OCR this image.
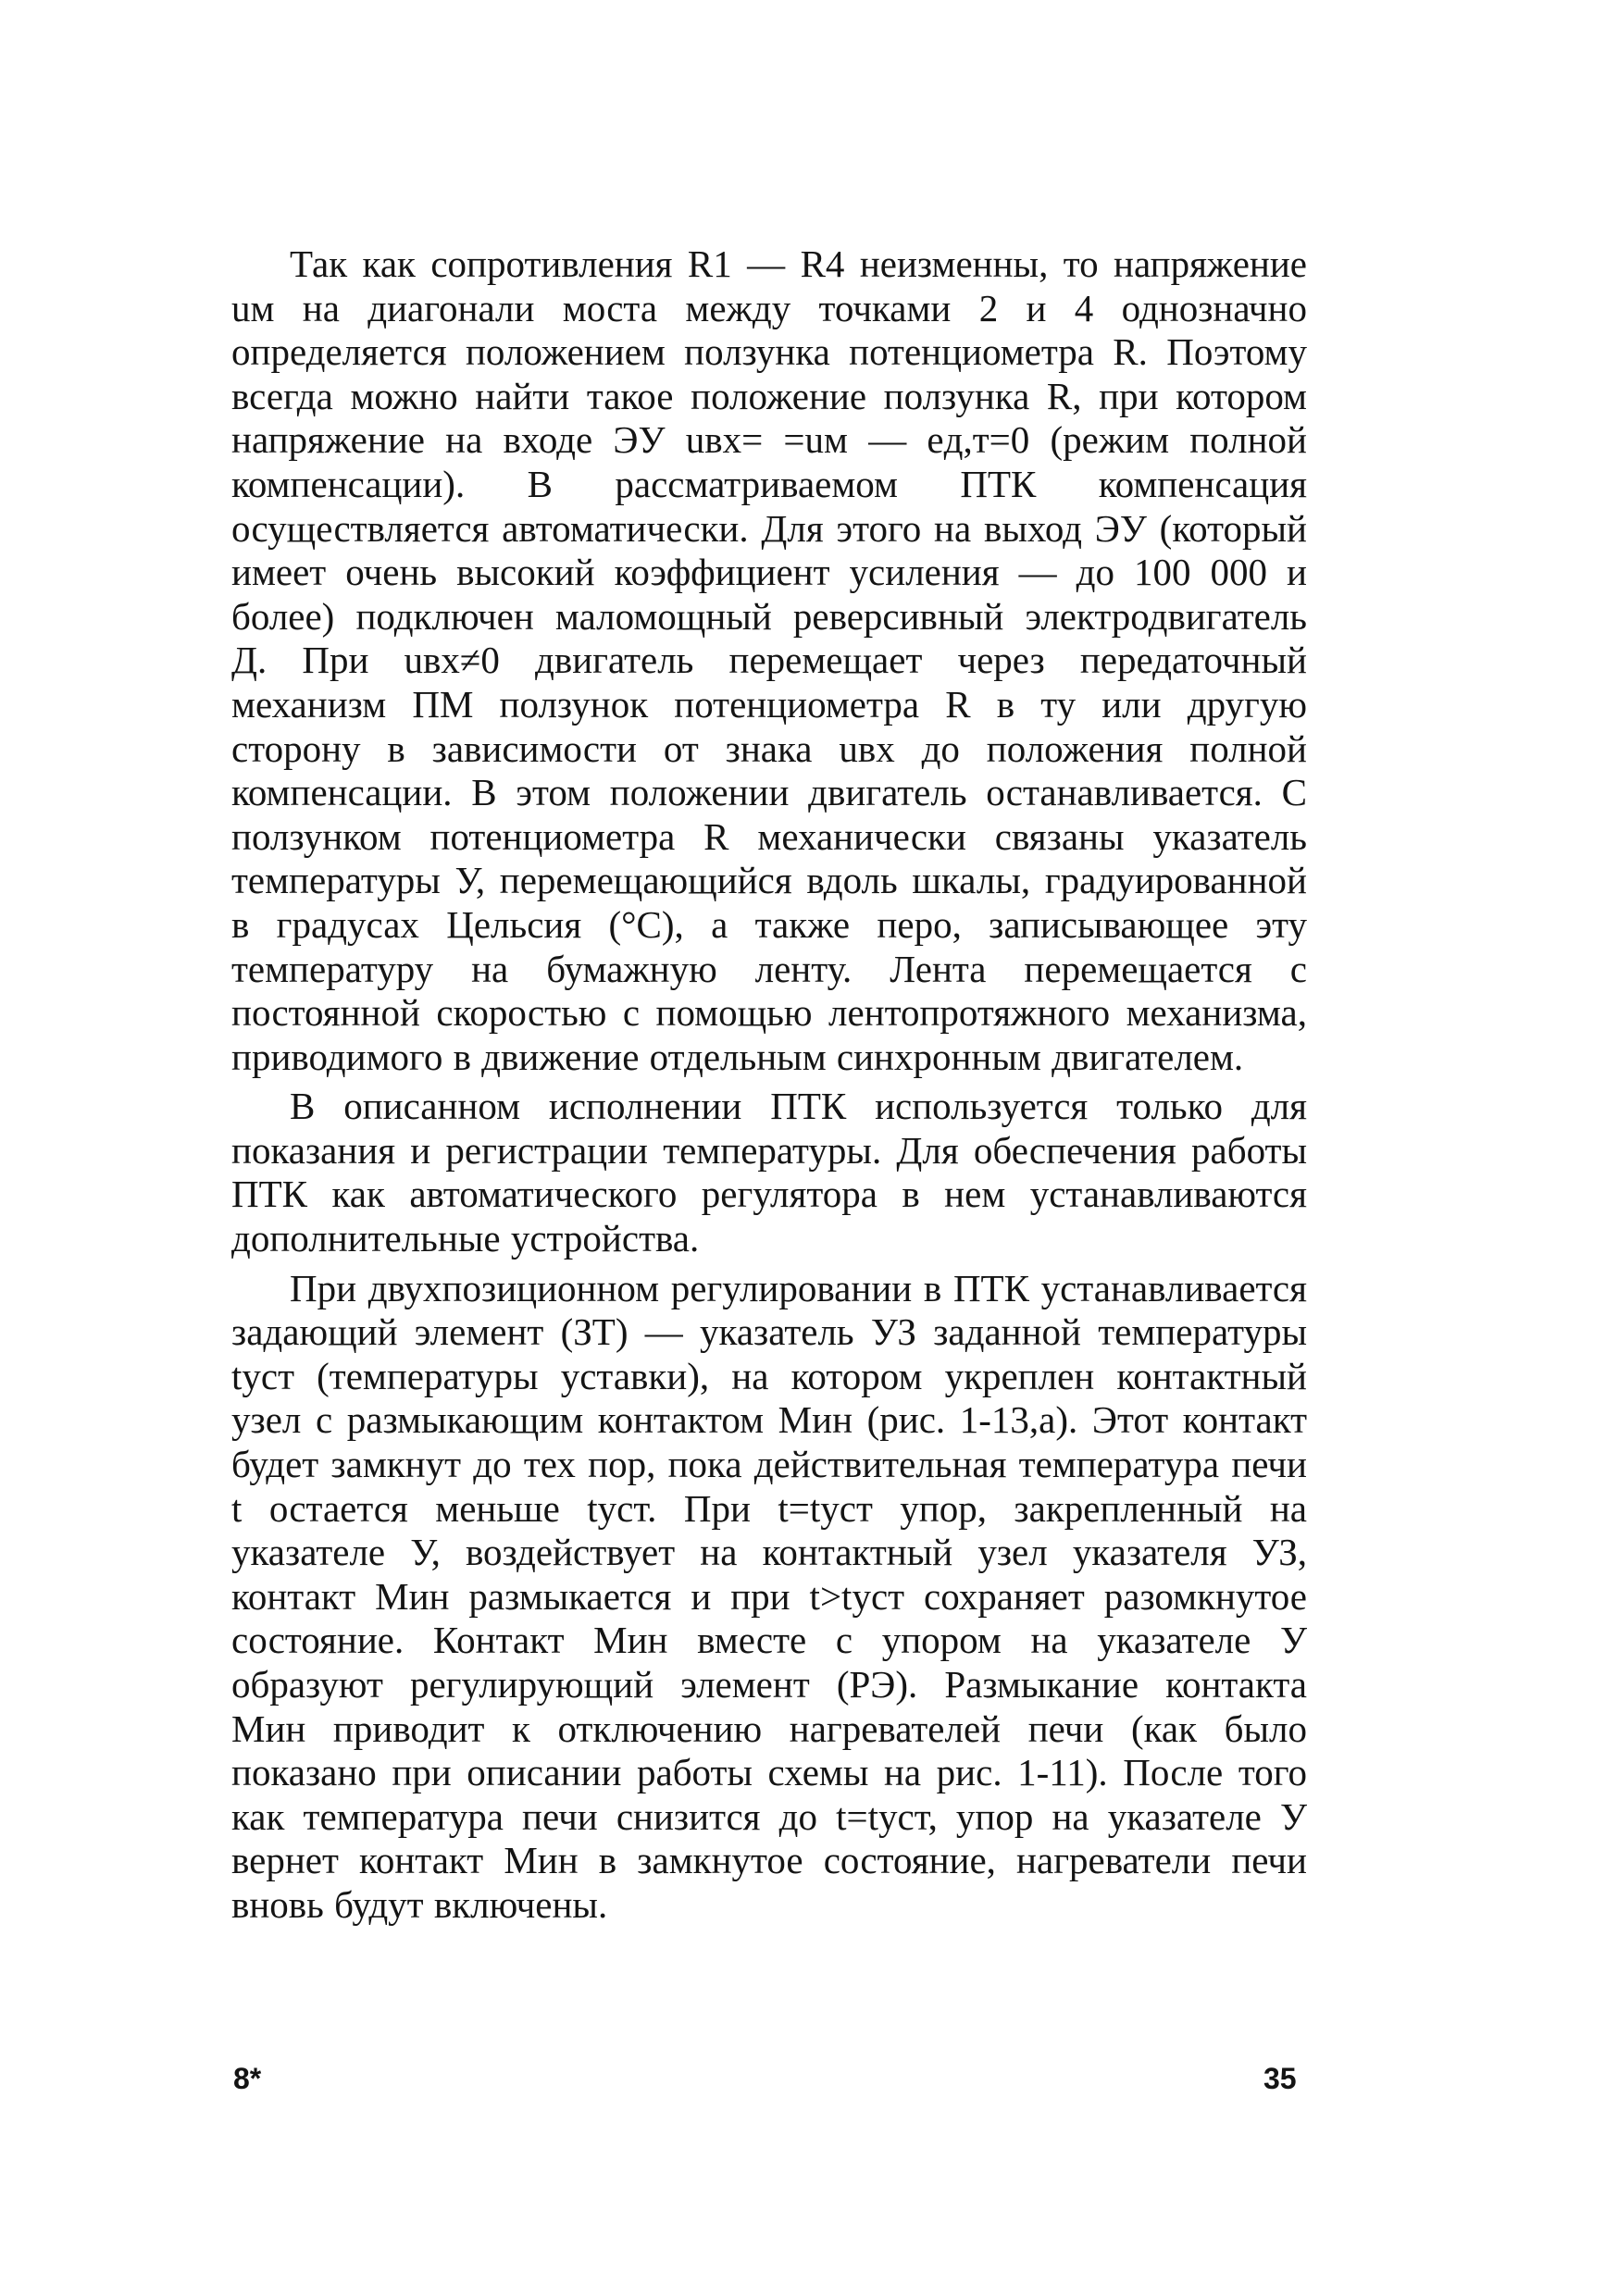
Так как сопротивления R1 — R4 неизменны, то напряжение uм на диагонали моста между точками 2 и 4 однозначно определяется положением ползунка потенциометра R. Поэтому всегда можно найти такое положение ползунка R, при котором напряжение на входе ЭУ uвх= =uм — eд,т=0 (режим полной компенсации). В рассматриваемом ПТК компенсация осуществляется автоматически. Для этого на выход ЭУ (который имеет очень высокий коэффициент усиления — до 100 000 и более) подключен маломощный реверсивный электродвигатель Д. При uвх≠0 двигатель перемещает через передаточный механизм ПМ ползунок потенциометра R в ту или другую сторону в зависимости от знака uвх до положения полной компенсации. В этом положении двигатель останавливается. С ползунком потенциометра R механически связаны указатель температуры У, перемещающийся вдоль шкалы, градуированной в градусах Цельсия (°С), а также перо, записывающее эту температуру на бумажную ленту. Лента перемещается с постоянной скоростью с помощью лентопротяжного механизма, приводимого в движение отдельным синхронным двигателем.

В описанном исполнении ПТК используется только для показания и регистрации температуры. Для обеспечения работы ПТК как автоматического регулятора в нем устанавливаются дополнительные устройства.

При двухпозиционном регулировании в ПТК устанавливается задающий элемент (ЗТ) — указатель УЗ заданной температуры tуст (температуры уставки), на котором укреплен контактный узел с размыкающим контактом Мин (рис. 1-13,а). Этот контакт будет замкнут до тех пор, пока действительная температура печи t остается меньше tуст. При t=tуст упор, закрепленный на указателе У, воздействует на контактный узел указателя УЗ, контакт Мин размыкается и при t>tуст сохраняет разомкнутое состояние. Контакт Мин вместе с упором на указателе У образуют регулирующий элемент (РЭ). Размыкание контакта Мин приводит к отключению нагревателей печи (как было показано при описании работы схемы на рис. 1-11). После того как температура печи снизится до t=tуст, упор на указателе У вернет контакт Мин в замкнутое состояние, нагреватели печи вновь будут включены.

8*	35
